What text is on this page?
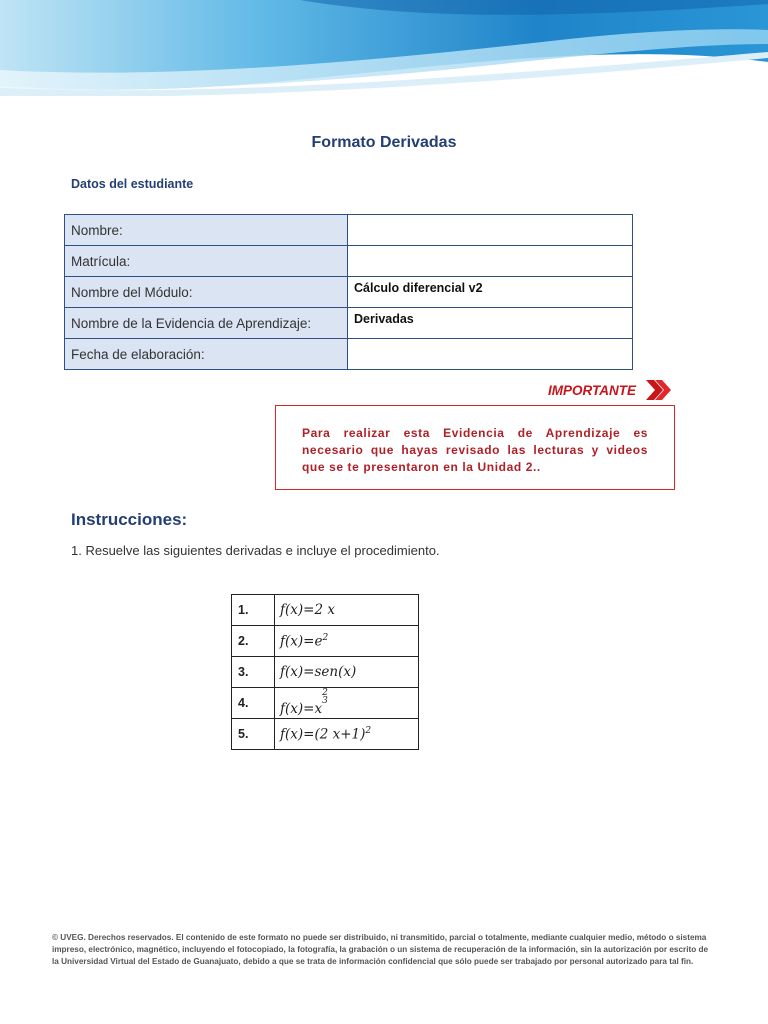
Formato Derivadas
Datos del estudiante
Nombre:	
Matrícula:	
Nombre del Módulo:	Cálculo diferencial v2
Nombre de la Evidencia de Aprendizaje:	Derivadas
Fecha de elaboración:	
IMPORTANTE

Para realizar esta Evidencia de Aprendizaje es necesario que hayas revisado las lecturas y videos que se te presentaron en la Unidad 2..

Instrucciones:
1. Resuelve las siguientes derivadas e incluye el procedimiento.
1.	f(x)=2 x
2.	$f(x)=e^2$
3.	f(x)=sen(x)
4.	$f(x)=x^{2 3}$
5.	f(x)=(2 x+1)$^2$
© UVEG. Derechos reservados. El contenido de este formato no puede ser distribuido, ni transmitido, parcial o totalmente, mediante cualquier medio, método o sistema impreso, electrónico, magnético, incluyendo el fotocopiado, la fotografía, la grabación o un sistema de recuperación de la información, sin la autorización por escrito de la Universidad Virtual del Estado de Guanajuato, debido a que se trata de información confidencial que sólo puede ser trabajado por personal autorizado para tal fin.
